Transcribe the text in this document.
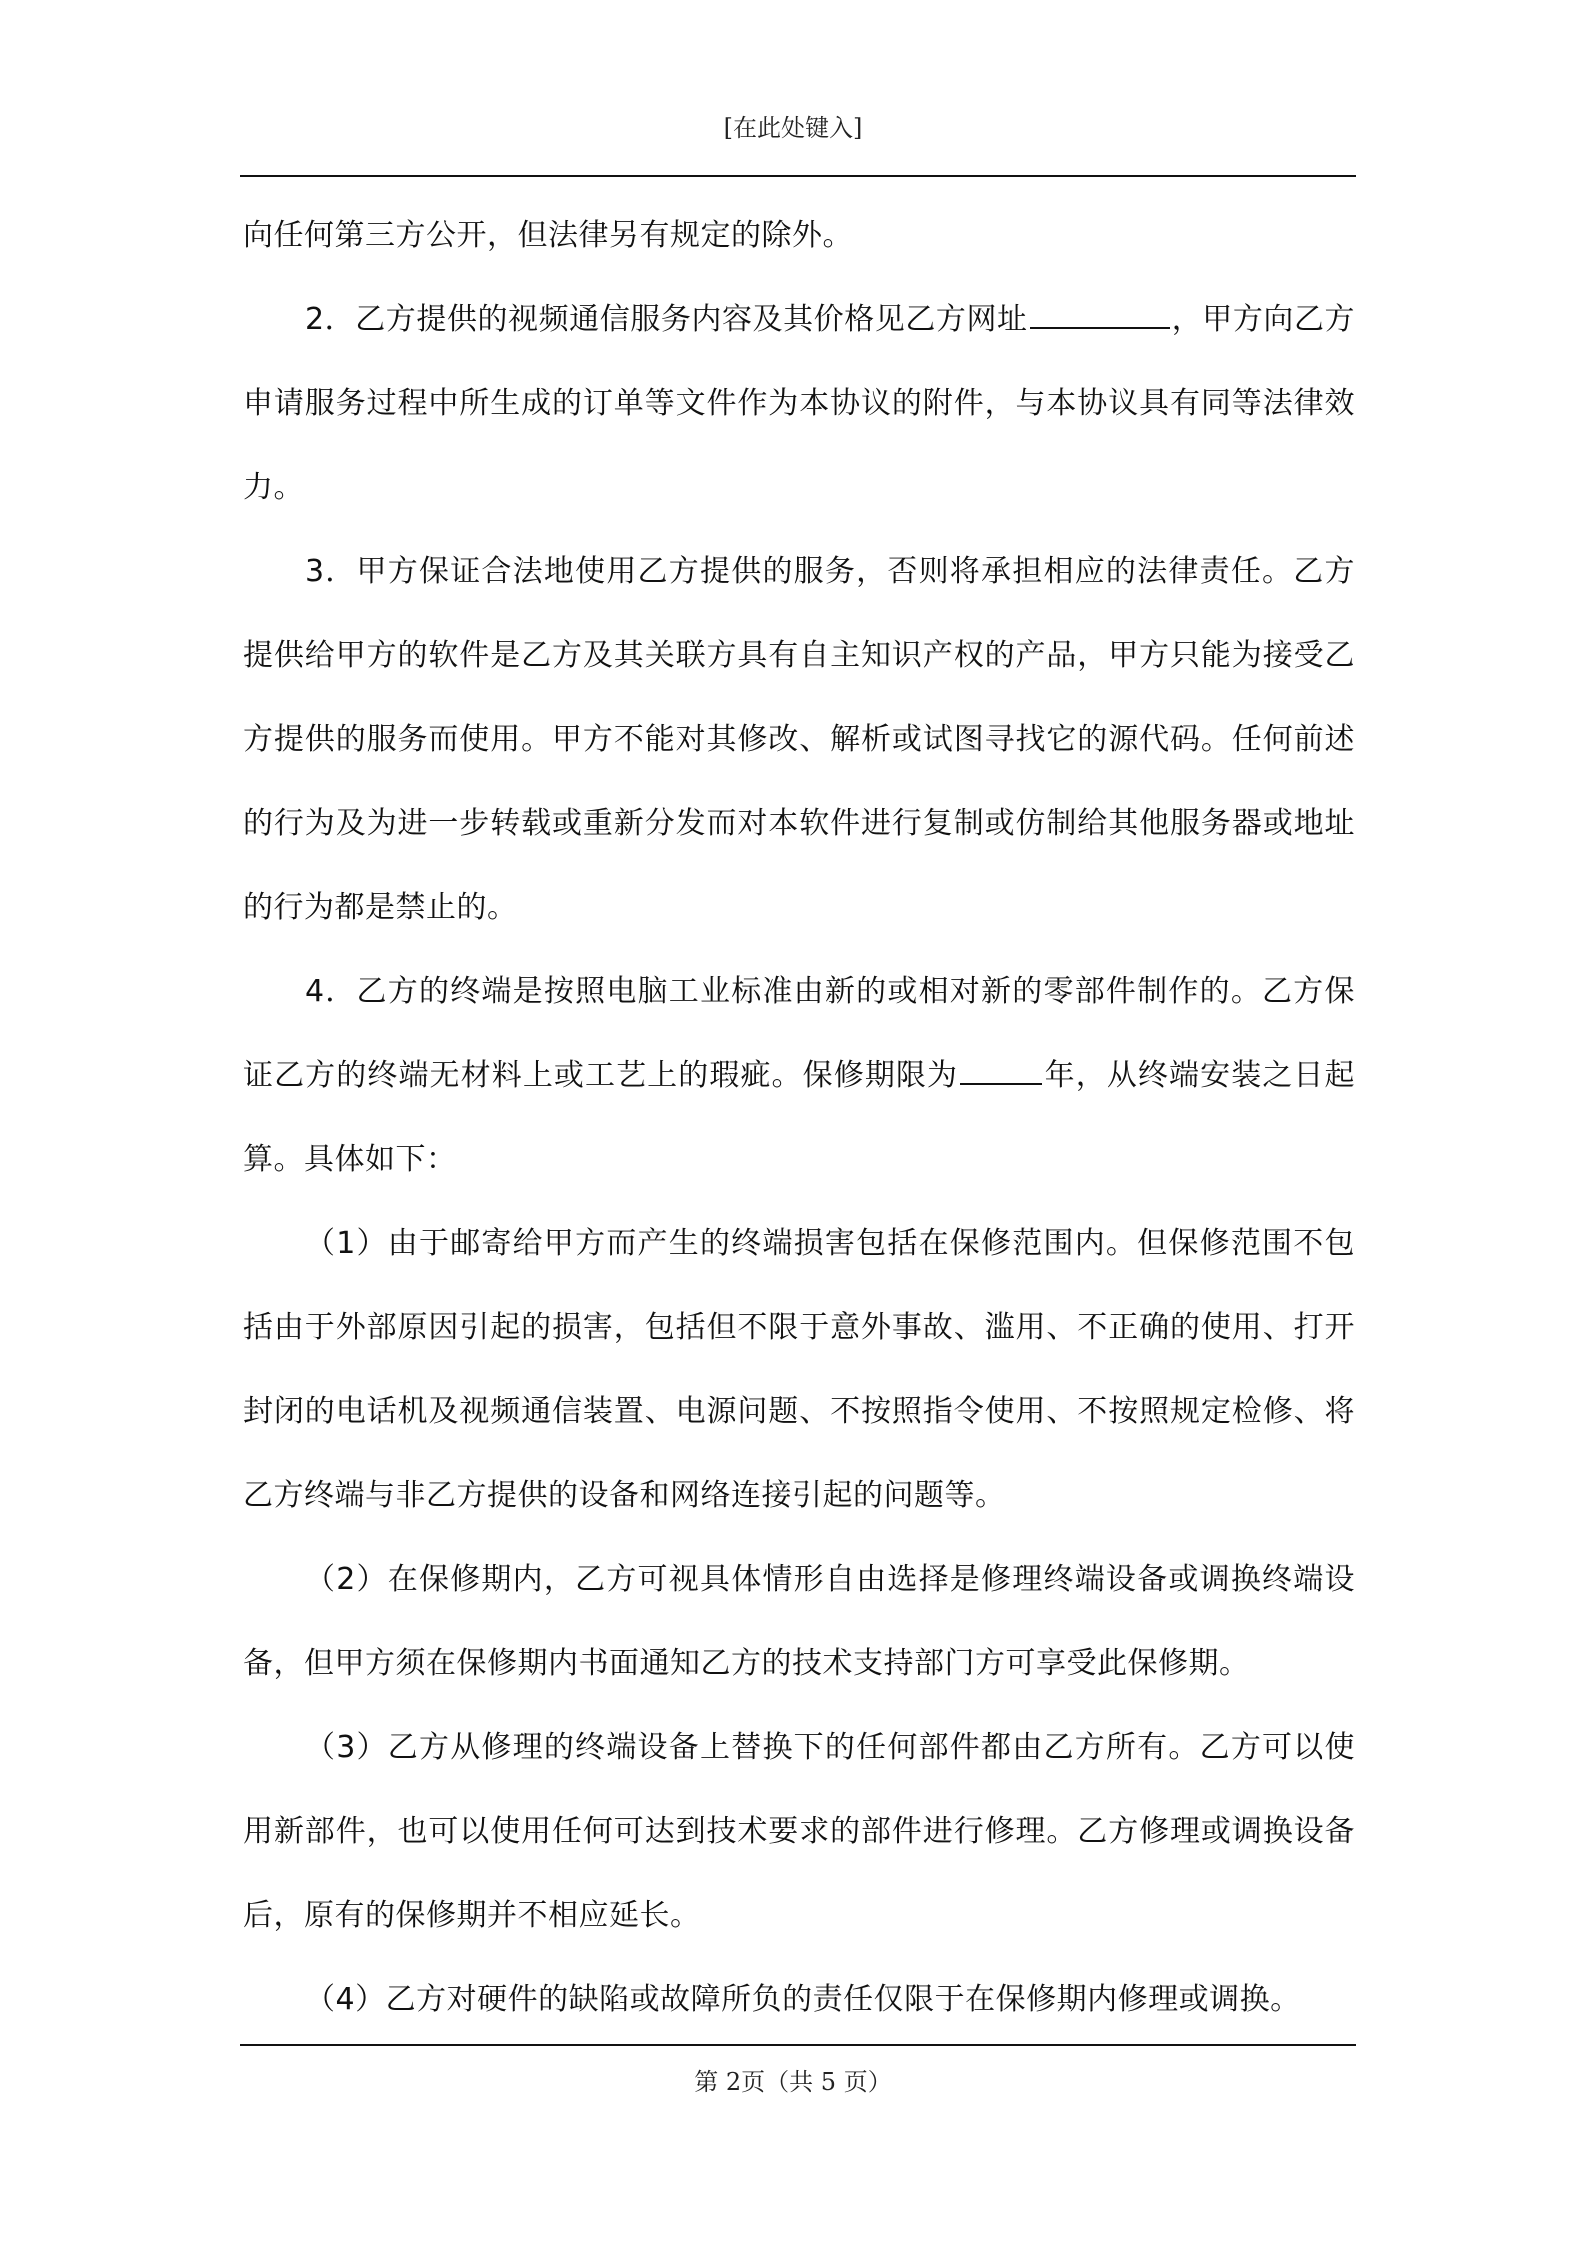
[在此处键入]

向任何第三方公开，但法律另有规定的除外。

2．乙方提供的视频通信服务内容及其价格见乙方网址	，甲方向乙方申请服务过程中所生成的订单等文件作为本协议的附件，与本协议具有同等法律效力。

3．甲方保证合法地使用乙方提供的服务，否则将承担相应的法律责任。乙方提供给甲方的软件是乙方及其关联方具有自主知识产权的产品，甲方只能为接受乙方提供的服务而使用。甲方不能对其修改、解析或试图寻找它的源代码。任何前述的行为及为进一步转载或重新分发而对本软件进行复制或仿制给其他服务器或地址的行为都是禁止的。

4．乙方的终端是按照电脑工业标准由新的或相对新的零部件制作的。乙方保证乙方的终端无材料上或工艺上的瑕疵。保修期限为	年，从终端安装之日起算。具体如下：

（1）由于邮寄给甲方而产生的终端损害包括在保修范围内。但保修范围不包括由于外部原因引起的损害，包括但不限于意外事故、滥用、不正确的使用、打开封闭的电话机及视频通信装置、电源问题、不按照指令使用、不按照规定检修、将乙方终端与非乙方提供的设备和网络连接引起的问题等。

（2）在保修期内，乙方可视具体情形自由选择是修理终端设备或调换终端设备，但甲方须在保修期内书面通知乙方的技术支持部门方可享受此保修期。

（3）乙方从修理的终端设备上替换下的任何部件都由乙方所有。乙方可以使用新部件，也可以使用任何可达到技术要求的部件进行修理。乙方修理或调换设备后，原有的保修期并不相应延长。

（4）乙方对硬件的缺陷或故障所负的责任仅限于在保修期内修理或调换。

第 2页（共 5 页）
